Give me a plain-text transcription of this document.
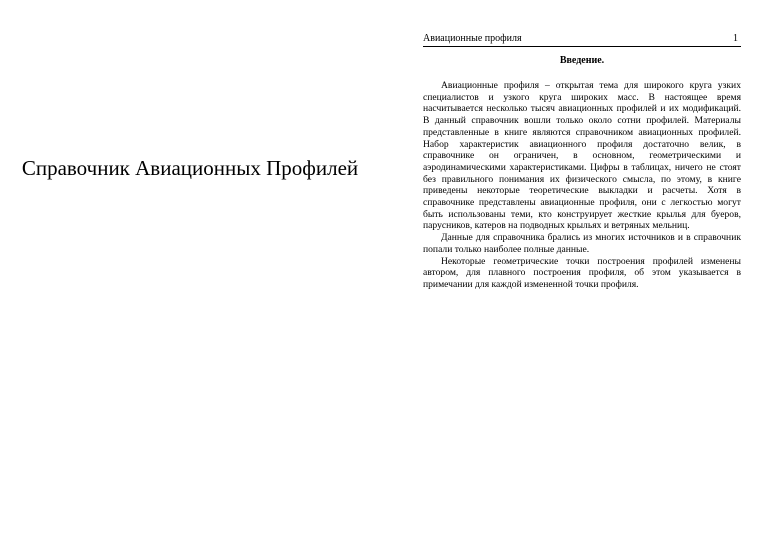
Справочник Авиационных Профилей
Авиационные профиля	1
Введение.

Авиационные профиля – открытая тема для широкого круга узких специалистов и узкого круга широких масс. В настоящее время насчитывается несколько тысяч авиационных профилей и их модификаций. В данный справочник вошли только около сотни профилей. Материалы представленные в книге являются справочником авиационных профилей. Набор характеристик авиационного профиля достаточно велик, в справочнике он ограничен, в основном, геометрическими и аэродинамическими характеристиками. Цифры в таблицах, ничего не стоят без правильного понимания их физического смысла, по этому, в книге приведены некоторые теоретические выкладки и расчеты. Хотя в справочнике представлены авиационные профиля, они с легкостью могут быть использованы теми, кто конструирует жесткие крылья для буеров, парусников, катеров на подводных крыльях и ветряных мельниц.

Данные для справочника брались из многих источников и в справочник попали только наиболее полные данные.

Некоторые геометрические точки построения профилей изменены автором, для плавного построения профиля, об этом указывается в примечании для каждой измененной точки профиля.
